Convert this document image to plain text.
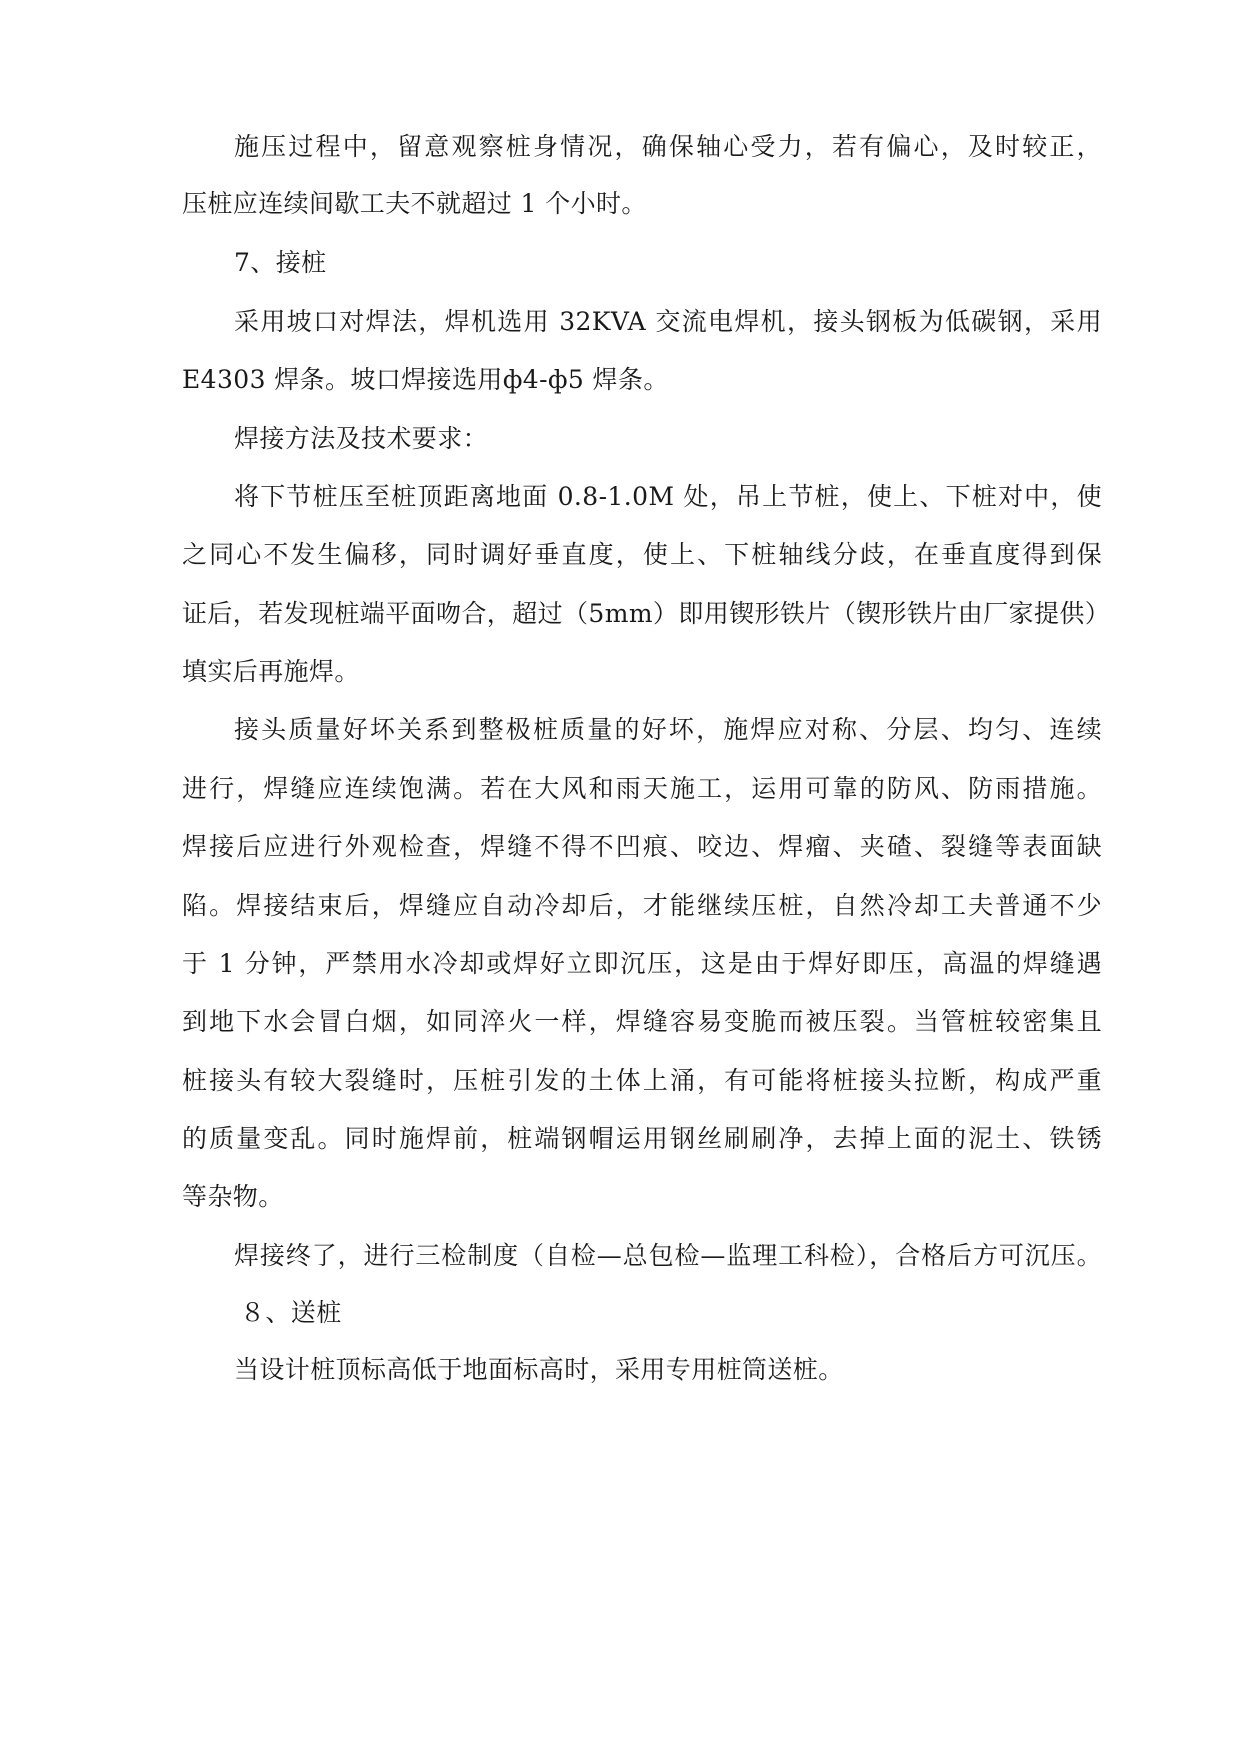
施压过程中，留意观察桩身情况，确保轴心受力，若有偏心，及时较正，
压桩应连续间歇工夫不就超过 1 个小时。
7、接桩
采用坡口对焊法，焊机选用 32KVA 交流电焊机，接头钢板为低碳钢，采用
E4303 焊条。坡口焊接选用ф4-ф5 焊条。
焊接方法及技术要求：
将下节桩压至桩顶距离地面 0.8-1.0M 处，吊上节桩，使上、下桩对中，使
之同心不发生偏移，同时调好垂直度，使上、下桩轴线分歧，在垂直度得到保
证后，若发现桩端平面吻合，超过（5mm）即用锲形铁片（锲形铁片由厂家提供）
填实后再施焊。
接头质量好坏关系到整极桩质量的好坏，施焊应对称、分层、均匀、连续
进行，焊缝应连续饱满。若在大风和雨天施工，运用可靠的防风、防雨措施。
焊接后应进行外观检查，焊缝不得不凹痕、咬边、焊瘤、夹碴、裂缝等表面缺
陷。焊接结束后，焊缝应自动冷却后，才能继续压桩，自然冷却工夫普通不少
于 1 分钟，严禁用水冷却或焊好立即沉压，这是由于焊好即压，高温的焊缝遇
到地下水会冒白烟，如同淬火一样，焊缝容易变脆而被压裂。当管桩较密集且
桩接头有较大裂缝时，压桩引发的土体上涌，有可能将桩接头拉断，构成严重
的质量变乱。同时施焊前，桩端钢帽运用钢丝刷刷净，去掉上面的泥土、铁锈
等杂物。
焊接终了，进行三检制度（自检—总包检—监理工科检），合格后方可沉压。
８、送桩
当设计桩顶标高低于地面标高时，采用专用桩筒送桩。
